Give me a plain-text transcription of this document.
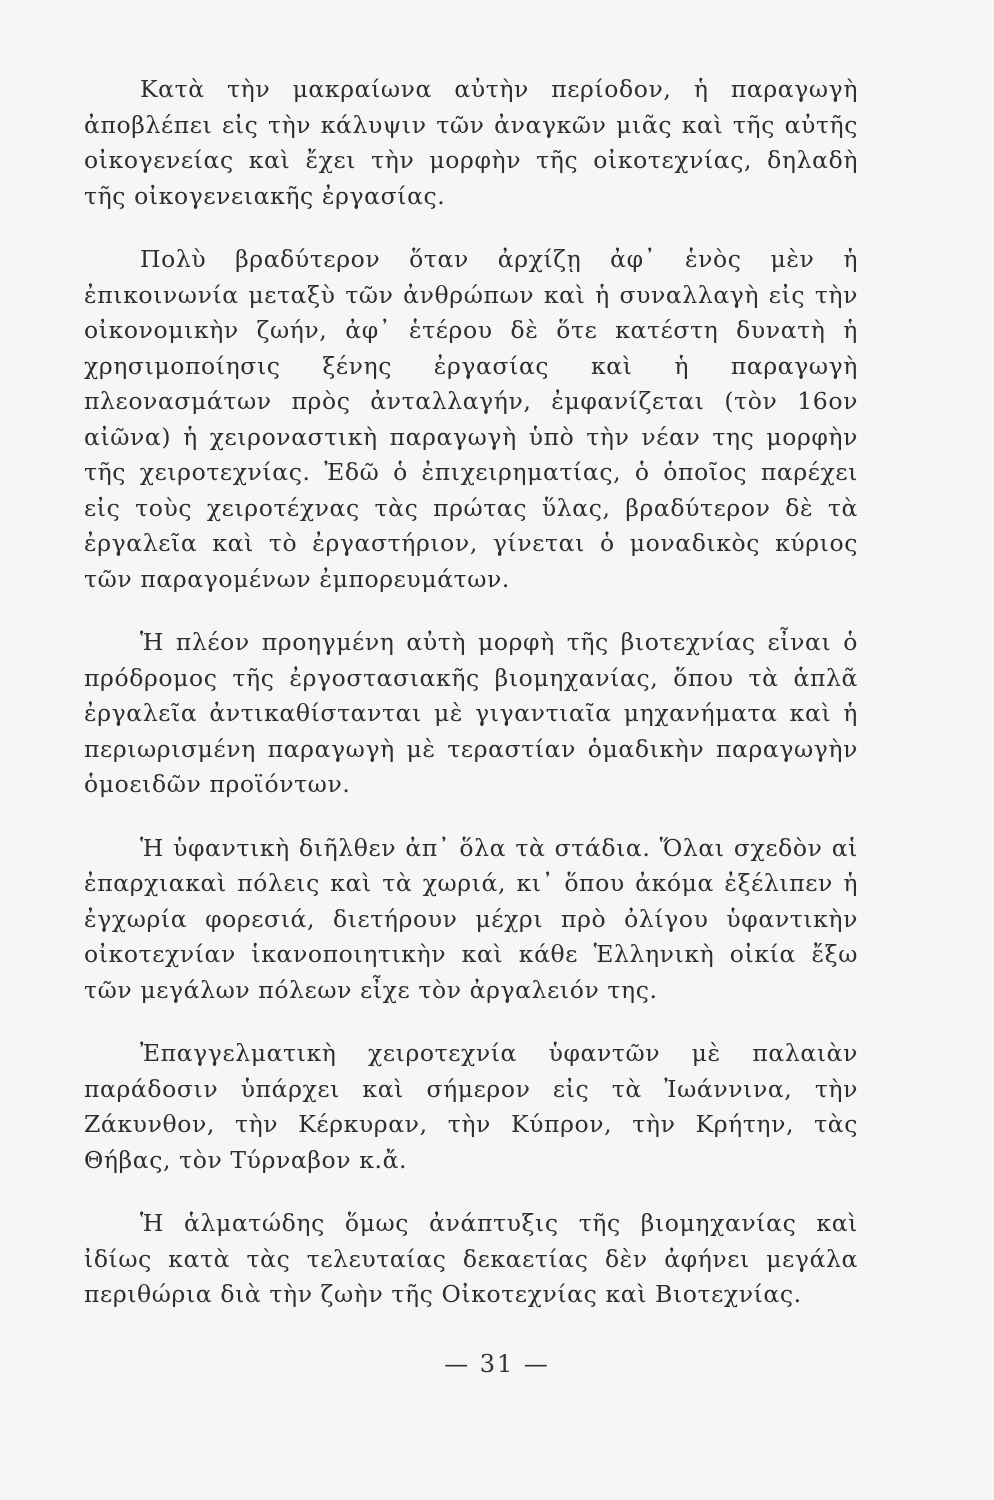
Κατὰ τὴν μακραίωνα αὐτὴν περίοδον, ἡ παραγωγὴ ἀποβλέπει εἰς τὴν κάλυψιν τῶν ἀναγκῶν μιᾶς καὶ τῆς αὐτῆς οἰκογενείας καὶ ἔχει τὴν μορφὴν τῆς οἰκοτεχνίας, δηλαδὴ τῆς οἰκογενειακῆς ἐργασίας.

Πολὺ βραδύτερον ὅταν ἀρχίζῃ ἀφ᾽ ἑνὸς μὲν ἡ ἐπικοινωνία μεταξὺ τῶν ἀνθρώπων καὶ ἡ συναλλαγὴ εἰς τὴν οἰκονομικὴν ζωήν, ἀφ᾽ ἑτέρου δὲ ὅτε κατέστη δυνατὴ ἡ χρησιμοποίησις ξένης ἐργασίας καὶ ἡ παραγωγὴ πλεονασμάτων πρὸς ἀνταλλαγήν, ἐμφανίζεται (τὸν 16ον αἰῶνα) ἡ χειροναστικὴ παραγωγὴ ὑπὸ τὴν νέαν της μορφὴν τῆς χειροτεχνίας. Ἐδῶ ὁ ἐπιχειρηματίας, ὁ ὁποῖος παρέχει εἰς τοὺς χειροτέχνας τὰς πρώτας ὕλας, βραδύτερον δὲ τὰ ἐργαλεῖα καὶ τὸ ἐργαστήριον, γίνεται ὁ μοναδικὸς κύριος τῶν παραγομένων ἐμπορευμάτων.

Ἡ πλέον προηγμένη αὐτὴ μορφὴ τῆς βιοτεχνίας εἶναι ὁ πρόδρομος τῆς ἐργοστασιακῆς βιομηχανίας, ὅπου τὰ ἁπλᾶ ἐργαλεῖα ἀντικαθίστανται μὲ γιγαντιαῖα μηχανήματα καὶ ἡ περιωρισμένη παραγωγὴ μὲ τεραστίαν ὁμαδικὴν παραγωγὴν ὁμοειδῶν προϊόντων.

Ἡ ὑφαντικὴ διῆλθεν ἀπ᾽ ὅλα τὰ στάδια. Ὅλαι σχεδὸν αἱ ἐπαρχιακαὶ πόλεις καὶ τὰ χωριά, κι᾽ ὅπου ἀκόμα ἐξέλιπεν ἡ ἐγχωρία φορεσιά, διετήρουν μέχρι πρὸ ὀλίγου ὑφαντικὴν οἰκοτεχνίαν ἱκανοποιητικὴν καὶ κάθε Ἑλληνικὴ οἰκία ἔξω τῶν μεγάλων πόλεων εἶχε τὸν ἀργαλειόν της.

Ἐπαγγελματικὴ χειροτεχνία ὑφαντῶν μὲ παλαιὰν παράδοσιν ὑπάρχει καὶ σήμερον εἰς τὰ Ἰωάννινα, τὴν Ζάκυνθον, τὴν Κέρκυραν, τὴν Κύπρον, τὴν Κρήτην, τὰς Θήβας, τὸν Τύρναβον κ.ἄ.

Ἡ ἁλματώδης ὅμως ἀνάπτυξις τῆς βιομηχανίας καὶ ἰδίως κατὰ τὰς τελευταίας δεκαετίας δὲν ἀφήνει μεγάλα περιθώρια διὰ τὴν ζωὴν τῆς Οἰκοτεχνίας καὶ Βιοτεχνίας.

— 31 —
